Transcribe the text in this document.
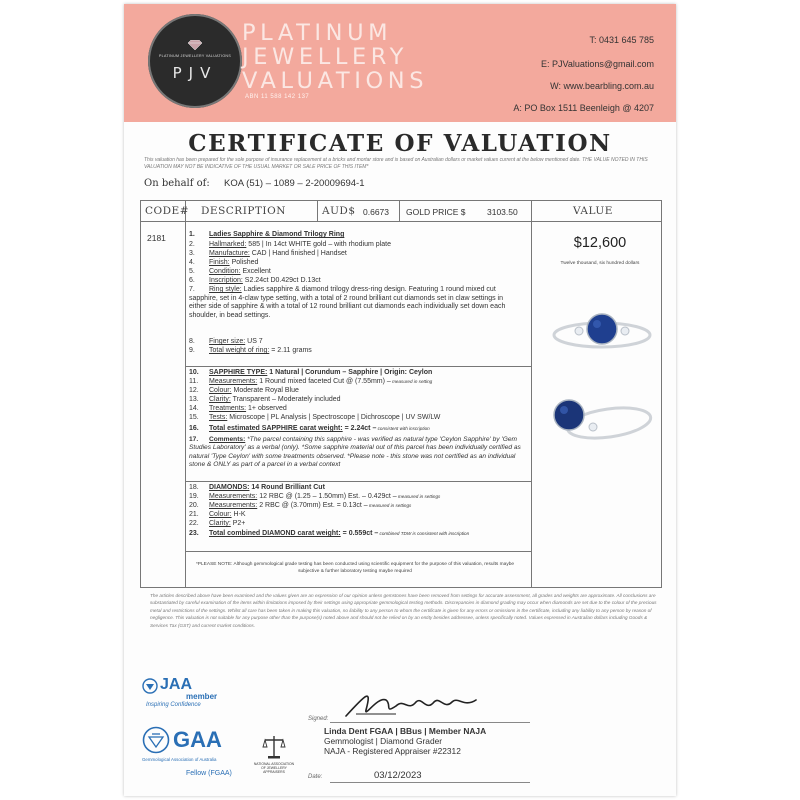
PLATINUM JEWELLERY VALUATIONS
PJV
PLATINUM
JEWELLERY
VALUATIONS
ABN 11 588 142 137
T: 0431 645 785
E: PJValuations@gmail.com
W: www.bearbling.com.au
A: PO Box 1511 Beenleigh @ 4207
CERTIFICATE OF VALUATION
This valuation has been prepared for the sole purpose of insurance replacement at a bricks and mortar store and is based on Australian dollars or market values current at the below mentioned date. THE VALUE NOTED IN THIS VALUATION MAY NOT BE INDICATIVE OF THE USUAL MARKET OR SALE PRICE OF THIS ITEM*
On behalf of: KOA (51) – 1089 – 2-20009694-1
CODE# DESCRIPTION	AUD$ 0.6673 GOLD PRICE $	3103.50	VALUE
2181	1. Ladies Sapphire & Diamond Trilogy Ring
2. Hallmarked: 585 | In 14ct WHITE gold – with rhodium plate
3. Manufacture: CAD | Hand finished | Handset
4. Finish: Polished
5. Condition: Excellent
6. Inscription: S2.24ct D0.429ct D.13ct
7. Ring style: Ladies sapphire & diamond trilogy dress-ring design. Featuring 1 round mixed cut sapphire, set in 4-claw type setting, with a total of 2 round brilliant cut diamonds set in claw settings in either side of sapphire & with a total of 12 round brilliant cut diamonds each individually set down each shoulder, in bead settings.
8. Finger size: US 7
9. Total weight of ring: = 2.11 grams
10. SAPPHIRE TYPE: 1 Natural | Corundum – Sapphire | Origin: Ceylon
11. Measurements: 1 Round mixed faceted Cut @ (7.55mm) – measured in setting
12. Colour: Moderate Royal Blue
13. Clarity: Transparent – Moderately included
14. Treatments: 1+ observed
15. Tests: Microscope | PL Analysis | Spectroscope | Dichroscope | UV SW/LW
16. Total estimated SAPPHIRE carat weight: = 2.24ct – consistent with inscription
17. Comments: *The parcel containing this sapphire - was verified as natural type 'Ceylon Sapphire' by 'Gem Studies Laboratory' as a verbal (only). *Some sapphire material out of this parcel has been individually certified as natural 'Type Ceylon' with some treatments observed. *Please note - this stone was not certified as an individual stone & ONLY as part of a parcel in a verbal context
18. DIAMONDS: 14 Round Brilliant Cut
19. Measurements: 12 RBC @ (1.25 – 1.50mm) Est. – 0.429ct – measured in settings
20. Measurements: 2 RBC @ (3.70mm) Est. = 0.13ct – measured in settings
21. Colour: H-K
22. Clarity: P2+
23. Total combined DIAMOND carat weight: = 0.559ct – combined TDW is consistent with inscription
*PLEASE NOTE: Although gemmological grade testing has been conducted using scientific equipment for the purpose of this valuation, results maybe subjective & further laboratory testing maybe required
$12,600
Twelve thousand, six hundred dollars
The articles described above have been examined and the values given are an expression of our opinion unless gemstones have been removed from settings for accurate assessment, all grades and weights are approximate. All conclusions are substantiated by careful examination of the items within limitations imposed by their settings using appropriate gemmological testing methods. Discrepancies in diamond grading may occur when diamonds are set due to the colour of the precious metal and restrictions of the settings. Whilst all care has been taken in making this valuation, no liability to any person to whom the certificate is given for any errors or omissions in the certificate, including any liability to any person by reason of negligence. This valuation is not suitable for any purpose other than the purpose(s) noted above and should not be relied on by an entity besides addressee, unless specifically noted. Values expressed in Australian dollars including Goods & Services Tax (GST) and current market conditions.
JAA
member
Inspiring Confidence
GAA
Gemmological Association of Australia
Fellow (FGAA)
NATIONAL ASSOCIATION OF JEWELLERY APPRAISERS
Signed:
Linda Dent FGAA | BBus | Member NAJA
Gemmologist | Diamond Grader
NAJA - Registered Appraiser #22312
Date:	03/12/2023
